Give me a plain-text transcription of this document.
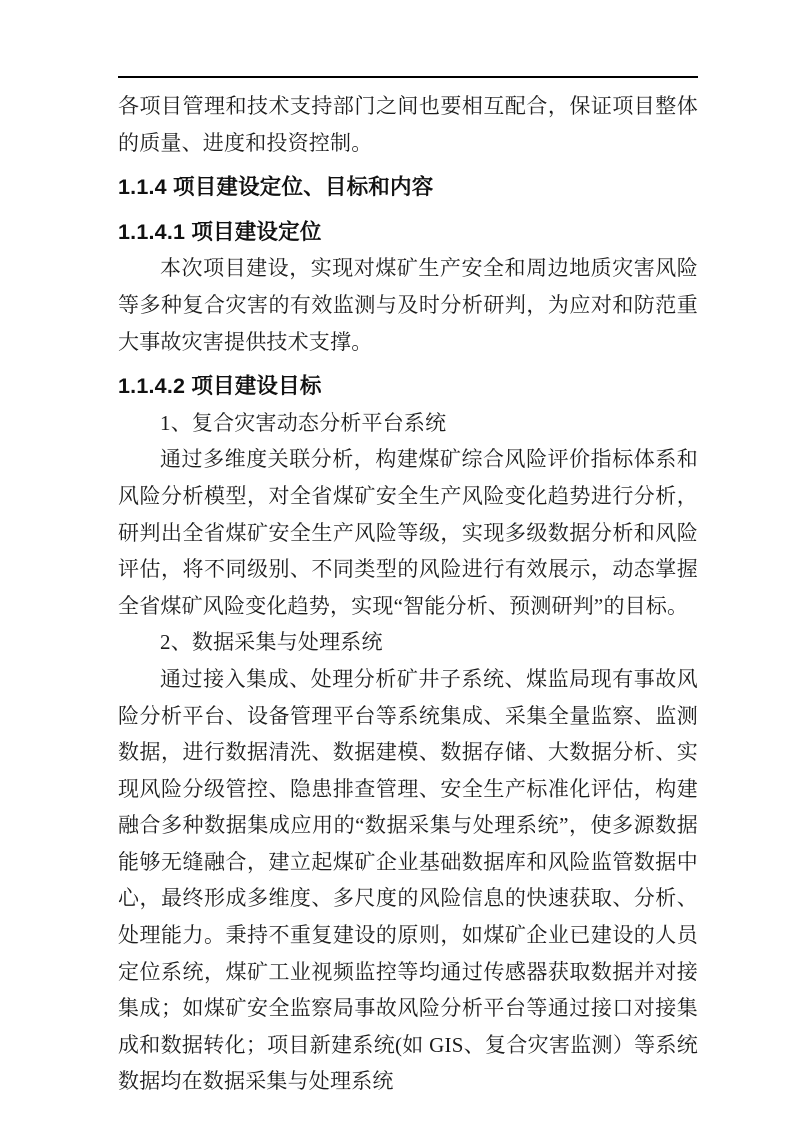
各项目管理和技术支持部门之间也要相互配合，保证项目整体的质量、进度和投资控制。

1.1.4 项目建设定位、目标和内容
1.1.4.1 项目建设定位

本次项目建设，实现对煤矿生产安全和周边地质灾害风险等多种复合灾害的有效监测与及时分析研判，为应对和防范重大事故灾害提供技术支撑。

1.1.4.2 项目建设目标

1、复合灾害动态分析平台系统

通过多维度关联分析，构建煤矿综合风险评价指标体系和风险分析模型，对全省煤矿安全生产风险变化趋势进行分析，研判出全省煤矿安全生产风险等级，实现多级数据分析和风险评估，将不同级别、不同类型的风险进行有效展示，动态掌握全省煤矿风险变化趋势，实现“智能分析、预测研判”的目标。

2、数据采集与处理系统

通过接入集成、处理分析矿井子系统、煤监局现有事故风险分析平台、设备管理平台等系统集成、采集全量监察、监测数据，进行数据清洗、数据建模、数据存储、大数据分析、实现风险分级管控、隐患排查管理、安全生产标准化评估，构建融合多种数据集成应用的“数据采集与处理系统”，使多源数据能够无缝融合，建立起煤矿企业基础数据库和风险监管数据中心，最终形成多维度、多尺度的风险信息的快速获取、分析、处理能力。秉持不重复建设的原则，如煤矿企业已建设的人员定位系统，煤矿工业视频监控等均通过传感器获取数据并对接集成；如煤矿安全监察局事故风险分析平台等通过接口对接集成和数据转化；项目新建系统(如 GIS、复合灾害监测）等系统数据均在数据采集与处理系统
